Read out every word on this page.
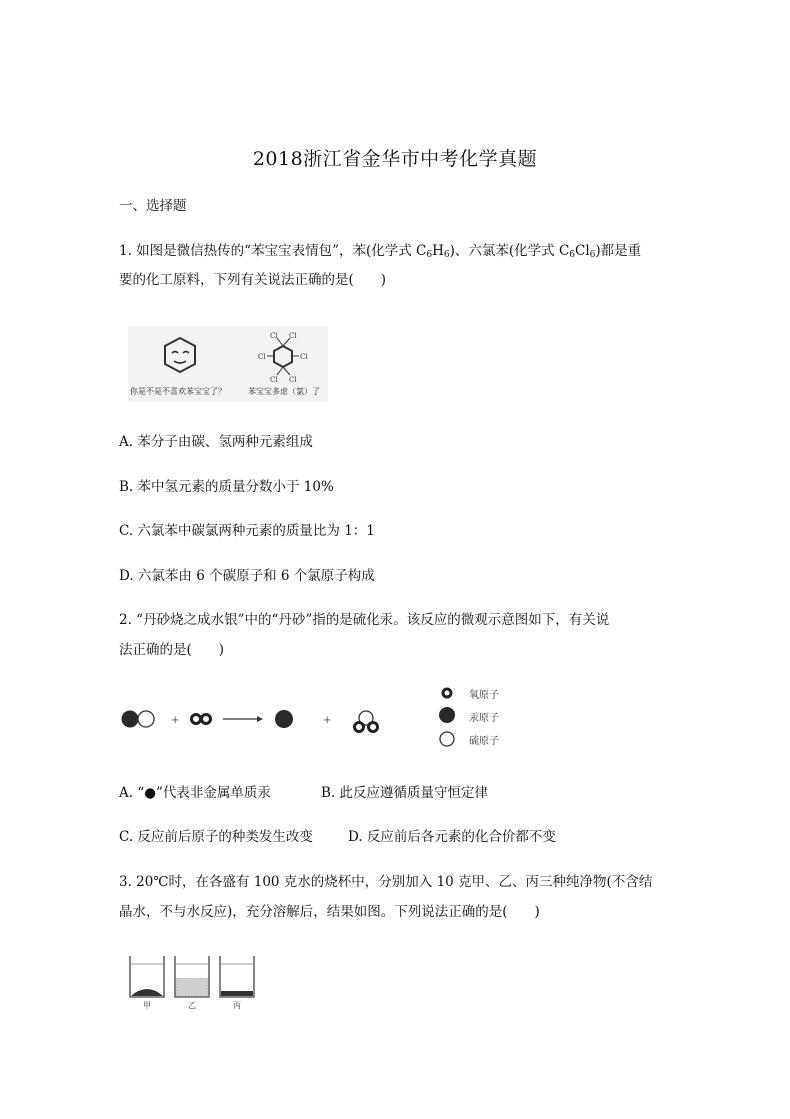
2018浙江省金华市中考化学真题
一、选择题
1. 如图是微信热传的“苯宝宝表情包”，苯(化学式 $C_6H_6$)、六氯苯(化学式 $C_6Cl_6$)都是重
要的化工原料，下列有关说法正确的是(　　)
Cl Cl
Cl	Cl
Cl Cl
你是不是不喜欢苯宝宝了？	苯宝宝多虑（氯）了
A. 苯分子由碳、氢两种元素组成
B. 苯中氢元素的质量分数小于 10%
C. 六氯苯中碳氯两种元素的质量比为 1：1
D. 六氯苯由 6 个碳原子和 6 个氯原子构成
2. “丹砂烧之成水银”中的“丹砂”指的是硫化汞。该反应的微观示意图如下，有关说
法正确的是(　　)
+	+
氧原子
汞原子
硫原子
A. “●”代表非金属单质汞	B. 此反应遵循质量守恒定律
C. 反应前后原子的种类发生改变	D. 反应前后各元素的化合价都不变
3. 20℃时，在各盛有 100 克水的烧杯中，分别加入 10 克甲、乙、丙三种纯净物(不含结
晶水，不与水反应)，充分溶解后，结果如图。下列说法正确的是(　　)
甲	乙	丙
